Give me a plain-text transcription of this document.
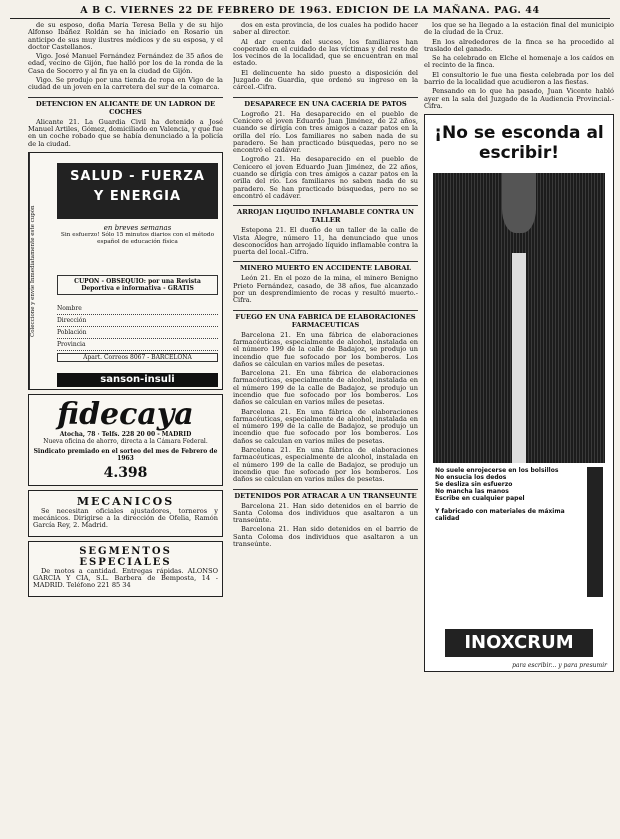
A B C. VIERNES 22 DE FEBRERO DE 1963. EDICION DE LA MAÑANA. PAG. 44

de su esposo, doña María Teresa Bella y de su hijo Alfonso Ibáñez Roldán se ha iniciado en Rosario un anticipo de sus muy ilustres médicos y de su esposa, y el doctor Castellanos.

Vigo. José Manuel Fernández Fernández de 35 años de edad, vecino de Gijón, fue halló por los de la ronda de la Casa de Socorro y al fin ya en la ciudad de Gijón.

Vigo. Se produjo por una tienda de ropa en Vigo de la ciudad de un joven en la carretera del sur de la comarca.

DETENCION EN ALICANTE DE UN LADRON DE COCHES

Alicante 21. La Guardia Civil ha detenido a José Manuel Artiles, Gómez, domiciliado en Valencia, y que fue en un coche robado que se había denunciado a la policía de la ciudad.

Coleccione y envíe Inmediatamente este cupón
SALUD - FUERZA
Y ENERGIA
en breves semanas
Sin esfuerzo! Sólo 15 minutos diarios con el método español de educación física
CUPON - OBSEQUIO: por una Revista Deportiva e informativa - GRATIS
Nombre
Dirección
Población
Provincia
Apart. Correos 8067 - BARCELONA
sanson-insuli
fidecaya
Atocha, 78 · Telfs. 228 20 00 - MADRID
Nueva oficina de ahorro, directa a la Cámara Federal.
Sindicato premiado en el sorteo del mes de Febrero de 1963
4.398
MECANICOS

Se necesitan oficiales ajustadores, torneros y mecánicos. Dirigirse a la dirección de Ofelia, Ramón García Rey, 2. Madrid.

SEGMENTOS ESPECIALES

De motos a cantidad. Entregas rápidas. ALONSO GARCIA Y CIA, S.L. Barbera de Bemposta, 14 - MADRID. Teléfono 221 85 34

dos en esta provincia, de los cuales ha podido hacer saber al director.

Al dar cuenta del suceso, los familiares han cooperado en el cuidado de las víctimas y del resto de los vecinos de la localidad, que se encuentran en mal estado.

El delincuente ha sido puesto a disposición del Juzgado de Guardia, que ordenó su ingreso en la cárcel.-Cifra.

DESAPARECE EN UNA CACERIA DE PATOS

Logroño 21. Ha desaparecido en el pueblo de Cenicero el joven Eduardo Juan Jiménez, de 22 años, cuando se dirigía con tres amigos a cazar patos en la orilla del río. Los familiares no saben nada de su paradero. Se han practicado búsquedas, pero no se encontró el cadáver.

Logroño 21. Ha desaparecido en el pueblo de Cenicero el joven Eduardo Juan Jiménez, de 22 años, cuando se dirigía con tres amigos a cazar patos en la orilla del río. Los familiares no saben nada de su paradero. Se han practicado búsquedas, pero no se encontró el cadáver.

ARROJAN LIQUIDO INFLAMABLE CONTRA UN TALLER

Estepona 21. El dueño de un taller de la calle de Vista Alegre, número 11, ha denunciado que unos desconocidos han arrojado líquido inflamable contra la puerta del local.-Cifra.

MINERO MUERTO EN ACCIDENTE LABORAL

León 21. En el pozo de la mina, el minero Benigno Prieto Fernández, casado, de 38 años, fue alcanzado por un desprendimiento de rocas y resultó muerto.-Cifra.

FUEGO EN UNA FABRICA DE ELABORACIONES FARMACEUTICAS

Barcelona 21. En una fábrica de elaboraciones farmacéuticas, especialmente de alcohol, instalada en el número 199 de la calle de Badajoz, se produjo un incendio que fue sofocado por los bomberos. Los daños se calculan en varios miles de pesetas.

Barcelona 21. En una fábrica de elaboraciones farmacéuticas, especialmente de alcohol, instalada en el número 199 de la calle de Badajoz, se produjo un incendio que fue sofocado por los bomberos. Los daños se calculan en varios miles de pesetas.

Barcelona 21. En una fábrica de elaboraciones farmacéuticas, especialmente de alcohol, instalada en el número 199 de la calle de Badajoz, se produjo un incendio que fue sofocado por los bomberos. Los daños se calculan en varios miles de pesetas.

Barcelona 21. En una fábrica de elaboraciones farmacéuticas, especialmente de alcohol, instalada en el número 199 de la calle de Badajoz, se produjo un incendio que fue sofocado por los bomberos. Los daños se calculan en varios miles de pesetas.

DETENIDOS POR ATRACAR A UN TRANSEUNTE

Barcelona 21. Han sido detenidos en el barrio de Santa Coloma dos individuos que asaltaron a un transeúnte.

Barcelona 21. Han sido detenidos en el barrio de Santa Coloma dos individuos que asaltaron a un transeúnte.

los que se ha llegado a la estación final del municipio de la ciudad de la Cruz.

En los alrededores de la finca se ha procedido al traslado del ganado.

Se ha celebrado en Elche el homenaje a los caídos en el recinto de la finca.

El consultorio le fue una fiesta celebrada por los del barrio de la localidad que acudieron a las fiestas.

Pensando en lo que ha pasado, Juan Vicente habló ayer en la sala del Juzgado de la Audiencia Provincial.-Cifra.

¡No se esconda al escribir!
No suele enrojecerse en los bolsillos
No ensucia los dedos
Se desliza sin esfuerzo
No mancha las manos
Escribe en cualquier papel
Y fabricado con materiales de máxima calidad
INOXCRUM
para escribir... y para presumir
